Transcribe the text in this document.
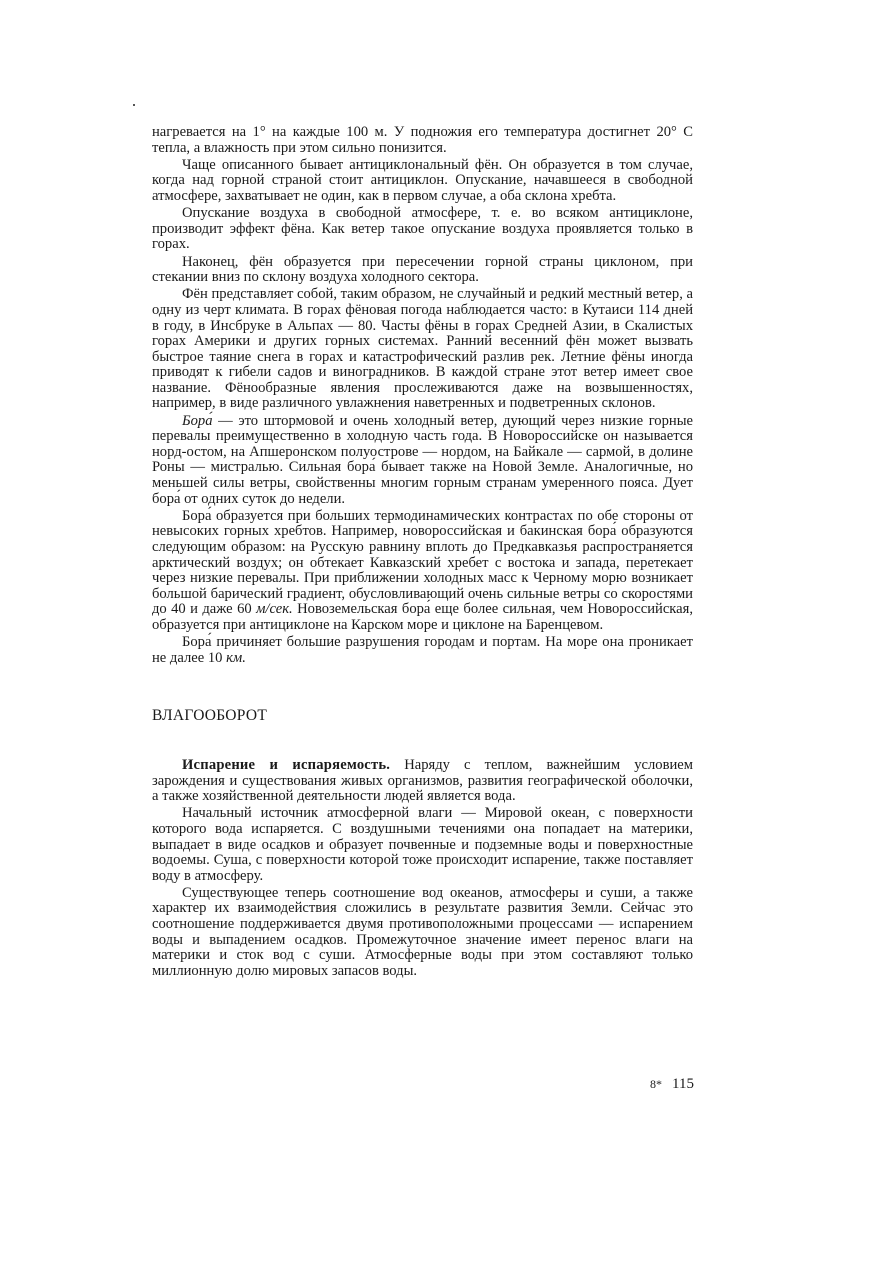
нагревается на 1° на каждые 100 м. У подножия его температура достигнет 20° С тепла, а влажность при этом сильно понизится.

Чаще описанного бывает антициклональный фён. Он образуется в том случае, когда над горной страной стоит антициклон. Опускание, начавшееся в свободной атмосфере, захватывает не один, как в первом случае, а оба склона хребта.

Опускание воздуха в свободной атмосфере, т. е. во всяком антициклоне, производит эффект фёна. Как ветер такое опускание воздуха проявляется только в горах.

Наконец, фён образуется при пересечении горной страны циклоном, при стекании вниз по склону воздуха холодного сектора.

Фён представляет собой, таким образом, не случайный и редкий местный ветер, а одну из черт климата. В горах фёновая погода наблюдается часто: в Кутаиси 114 дней в году, в Инсбруке в Альпах — 80. Часты фёны в горах Средней Азии, в Скалистых горах Америки и других горных системах. Ранний весенний фён может вызвать быстрое таяние снега в горах и катастрофический разлив рек. Летние фёны иногда приводят к гибели садов и виноградников. В каждой стране этот ветер имеет свое название. Фёнообразные явления прослеживаются даже на возвышенностях, например, в виде различного увлажнения наветренных и подветренных склонов.

Бора́ — это штормовой и очень холодный ветер, дующий через низкие горные перевалы преимущественно в холодную часть года. В Новороссийске он называется норд-остом, на Апшеронском полуострове — нордом, на Байкале — сармой, в долине Роны — мистралью. Сильная бора́ бывает также на Новой Земле. Аналогичные, но меньшей силы ветры, свойственны многим горным странам умеренного пояса. Дует бора́ от одних суток до недели.

Бора́ образуется при больших термодинамических контрастах по обе стороны от невысоких горных хребтов. Например, новороссийская и бакинская бора́ образуются следующим образом: на Русскую равнину вплоть до Предкавказья распространяется арктический воздух; он обтекает Кавказский хребет с востока и запада, перетекает через низкие перевалы. При приближении холодных масс к Черному морю возникает большой барический градиент, обусловливающий очень сильные ветры со скоростями до 40 и даже 60 м/сек. Новоземельская бора́ еще более сильная, чем Новороссийская, образуется при антициклоне на Карском море и циклоне на Баренцевом.

Бора́ причиняет большие разрушения городам и портам. На море она проникает не далее 10 км.

ВЛАГООБОРОТ

Испарение и испаряемость. Наряду с теплом, важнейшим условием зарождения и существования живых организмов, развития географической оболочки, а также хозяйственной деятельности людей является вода.

Начальный источник атмосферной влаги — Мировой океан, с поверхности которого вода испаряется. С воздушными течениями она попадает на материки, выпадает в виде осадков и образует почвенные и подземные воды и поверхностные водоемы. Суша, с поверхности которой тоже происходит испарение, также поставляет воду в атмосферу.

Существующее теперь соотношение вод океанов, атмосферы и суши, а также характер их взаимодействия сложились в результате развития Земли. Сейчас это соотношение поддерживается двумя противоположными процессами — испарением воды и выпадением осадков. Промежуточное значение имеет перенос влаги на материки и сток вод с суши. Атмосферные воды при этом составляют только миллионную долю мировых запасов воды.

8* 115
